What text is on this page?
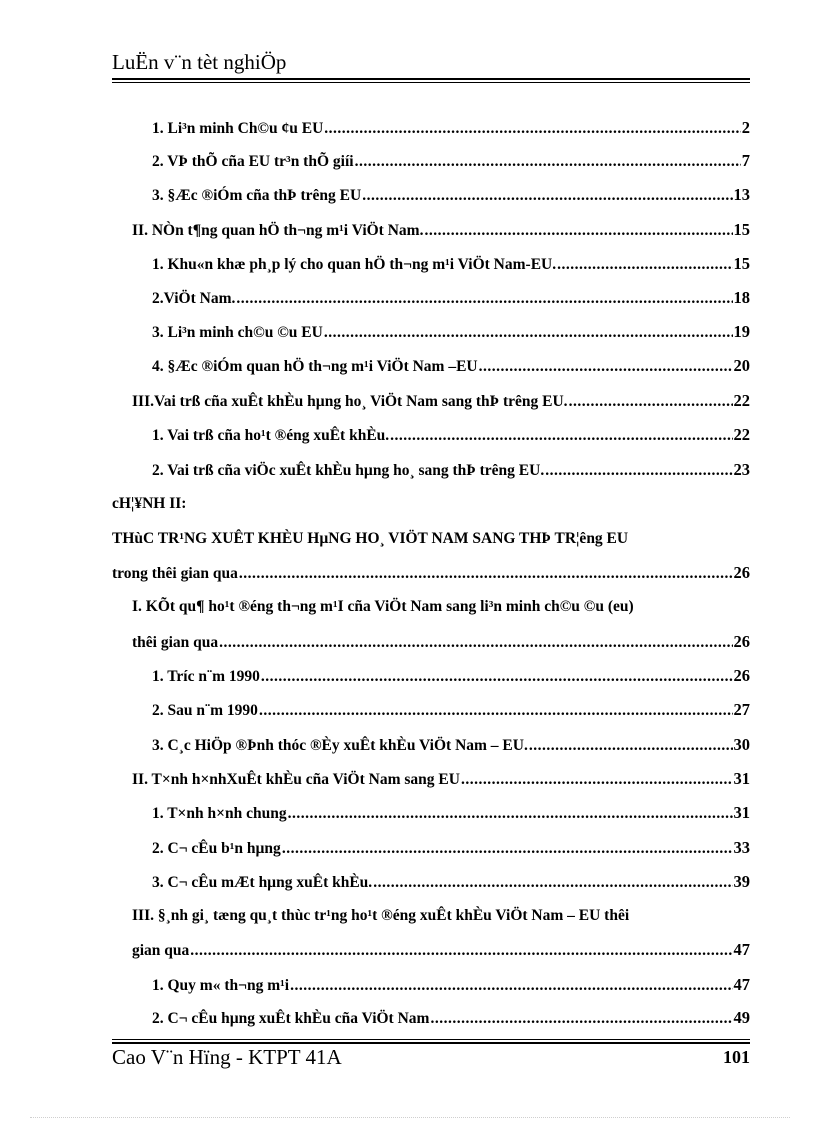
LuËn v¨n tèt nghiÖp
1. Li³n minh Ch©u ¢u EU .....	2
2. VÞ thÕ cña EU tr³n thÕ giíi .....	7
3. §Æc ®iÓm cña thÞ trêng EU .....	13
II. NÒn t¶ng quan hÖ th¬ng m¹i ViÖt Nam. .....	15
1. Khu«n khæ ph¸p lý cho quan hÖ th¬ng m¹i ViÖt Nam-EU. .....	15
2.ViÖt Nam. .....	18
3. Li³n minh ch©u ©u EU .....	19
4. §Æc ®iÓm quan hÖ th¬ng m¹i ViÖt Nam –EU .....	20
III.Vai trß cña xuÊt khÈu hµng ho¸ ViÖt Nam sang thÞ trêng EU. .....	22
1. Vai trß cña ho¹t ®éng xuÊt khÈu. .....	22
2. Vai trß cña viÖc xuÊt khÈu hµng ho¸ sang thÞ trêng EU. .....	23
cH¦¥NH II:
THùC TR¹NG XUÊT KHÈU HµNG HO¸ VIÖT NAM SANG THÞ TR¦êng EU
trong thêi gian qua .....	26
I. KÕt qu¶ ho¹t ®éng th¬ng m¹I cña ViÖt Nam sang li³n minh ch©u ©u (eu)
thêi gian qua .....	26
1. Tríc n¨m 1990 .....	26
2. Sau n¨m 1990 .....	27
3. C¸c HiÖp ®Þnh thóc ®Èy xuÊt khÈu ViÖt Nam – EU. .....	30
II. T×nh h×nhXuÊt khÈu cña ViÖt Nam sang EU .....	31
1. T×nh h×nh chung .....	31
2. C¬ cÊu b¹n hµng .....	33
3. C¬ cÊu mÆt hµng xuÊt khÈu. .....	39
III. §¸nh gi¸ tæng qu¸t thùc tr¹ng ho¹t ®éng xuÊt khÈu ViÖt Nam – EU thêi
gian qua .....	47
1. Quy m« th¬ng m¹i .....	47
2. C¬ cÊu hµng xuÊt khÈu cña ViÖt Nam .....	49
Cao V¨n Hïng - KTPT 41A	101
